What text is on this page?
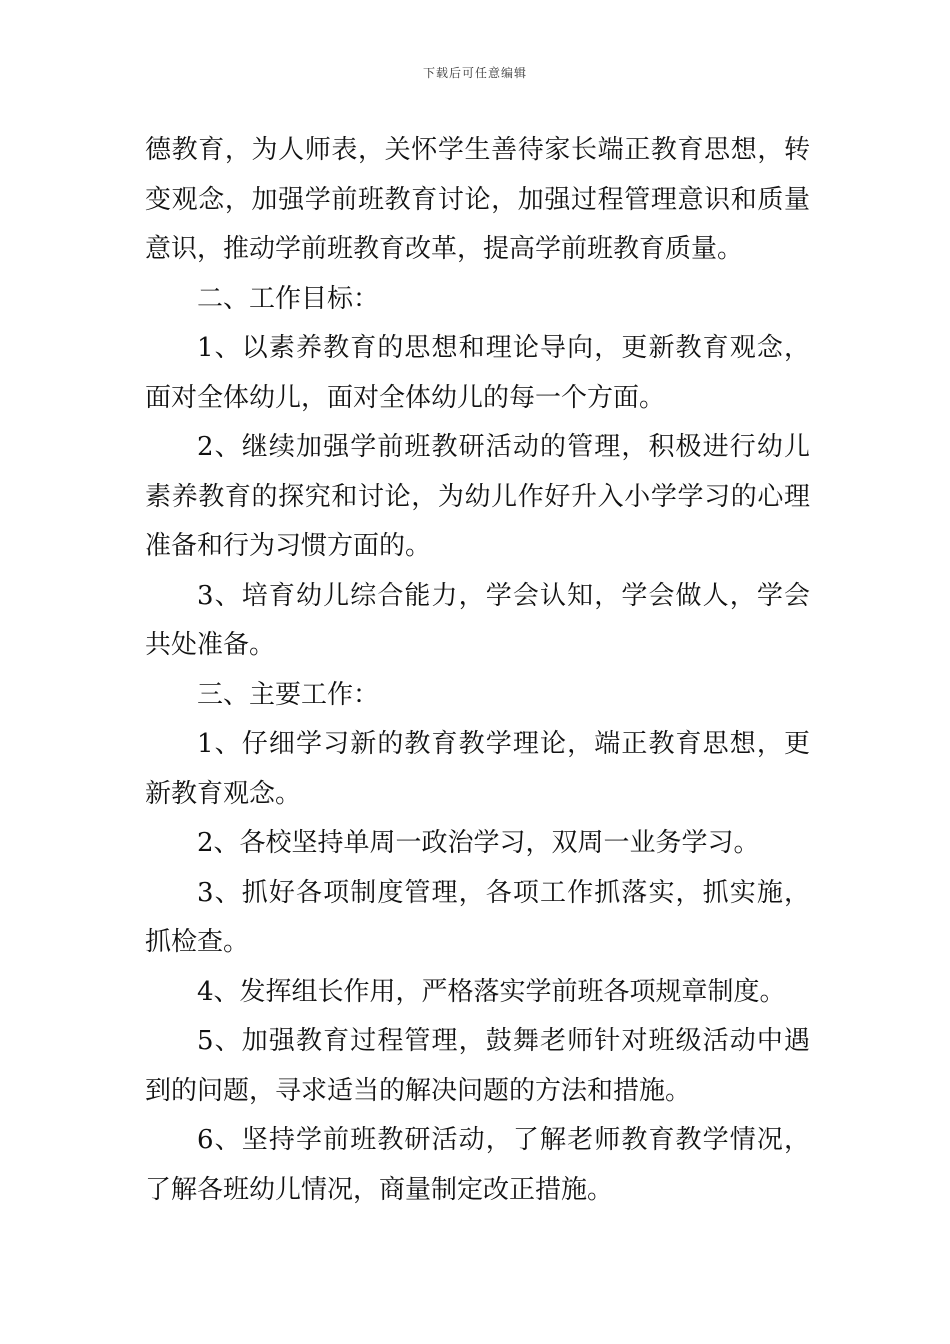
下载后可任意编辑

德教育，为人师表，关怀学生善待家长端正教育思想，转变观念，加强学前班教育讨论，加强过程管理意识和质量意识，推动学前班教育改革，提高学前班教育质量。

二、工作目标：

1、以素养教育的思想和理论导向，更新教育观念，面对全体幼儿，面对全体幼儿的每一个方面。

2、继续加强学前班教研活动的管理，积极进行幼儿素养教育的探究和讨论，为幼儿作好升入小学学习的心理准备和行为习惯方面的。

3、培育幼儿综合能力，学会认知，学会做人，学会共处准备。

三、主要工作：

1、仔细学习新的教育教学理论，端正教育思想，更新教育观念。

2、各校坚持单周一政治学习，双周一业务学习。

3、抓好各项制度管理，各项工作抓落实，抓实施，抓检查。

4、发挥组长作用，严格落实学前班各项规章制度。

5、加强教育过程管理，鼓舞老师针对班级活动中遇到的问题，寻求适当的解决问题的方法和措施。

6、坚持学前班教研活动，了解老师教育教学情况，了解各班幼儿情况，商量制定改正措施。
